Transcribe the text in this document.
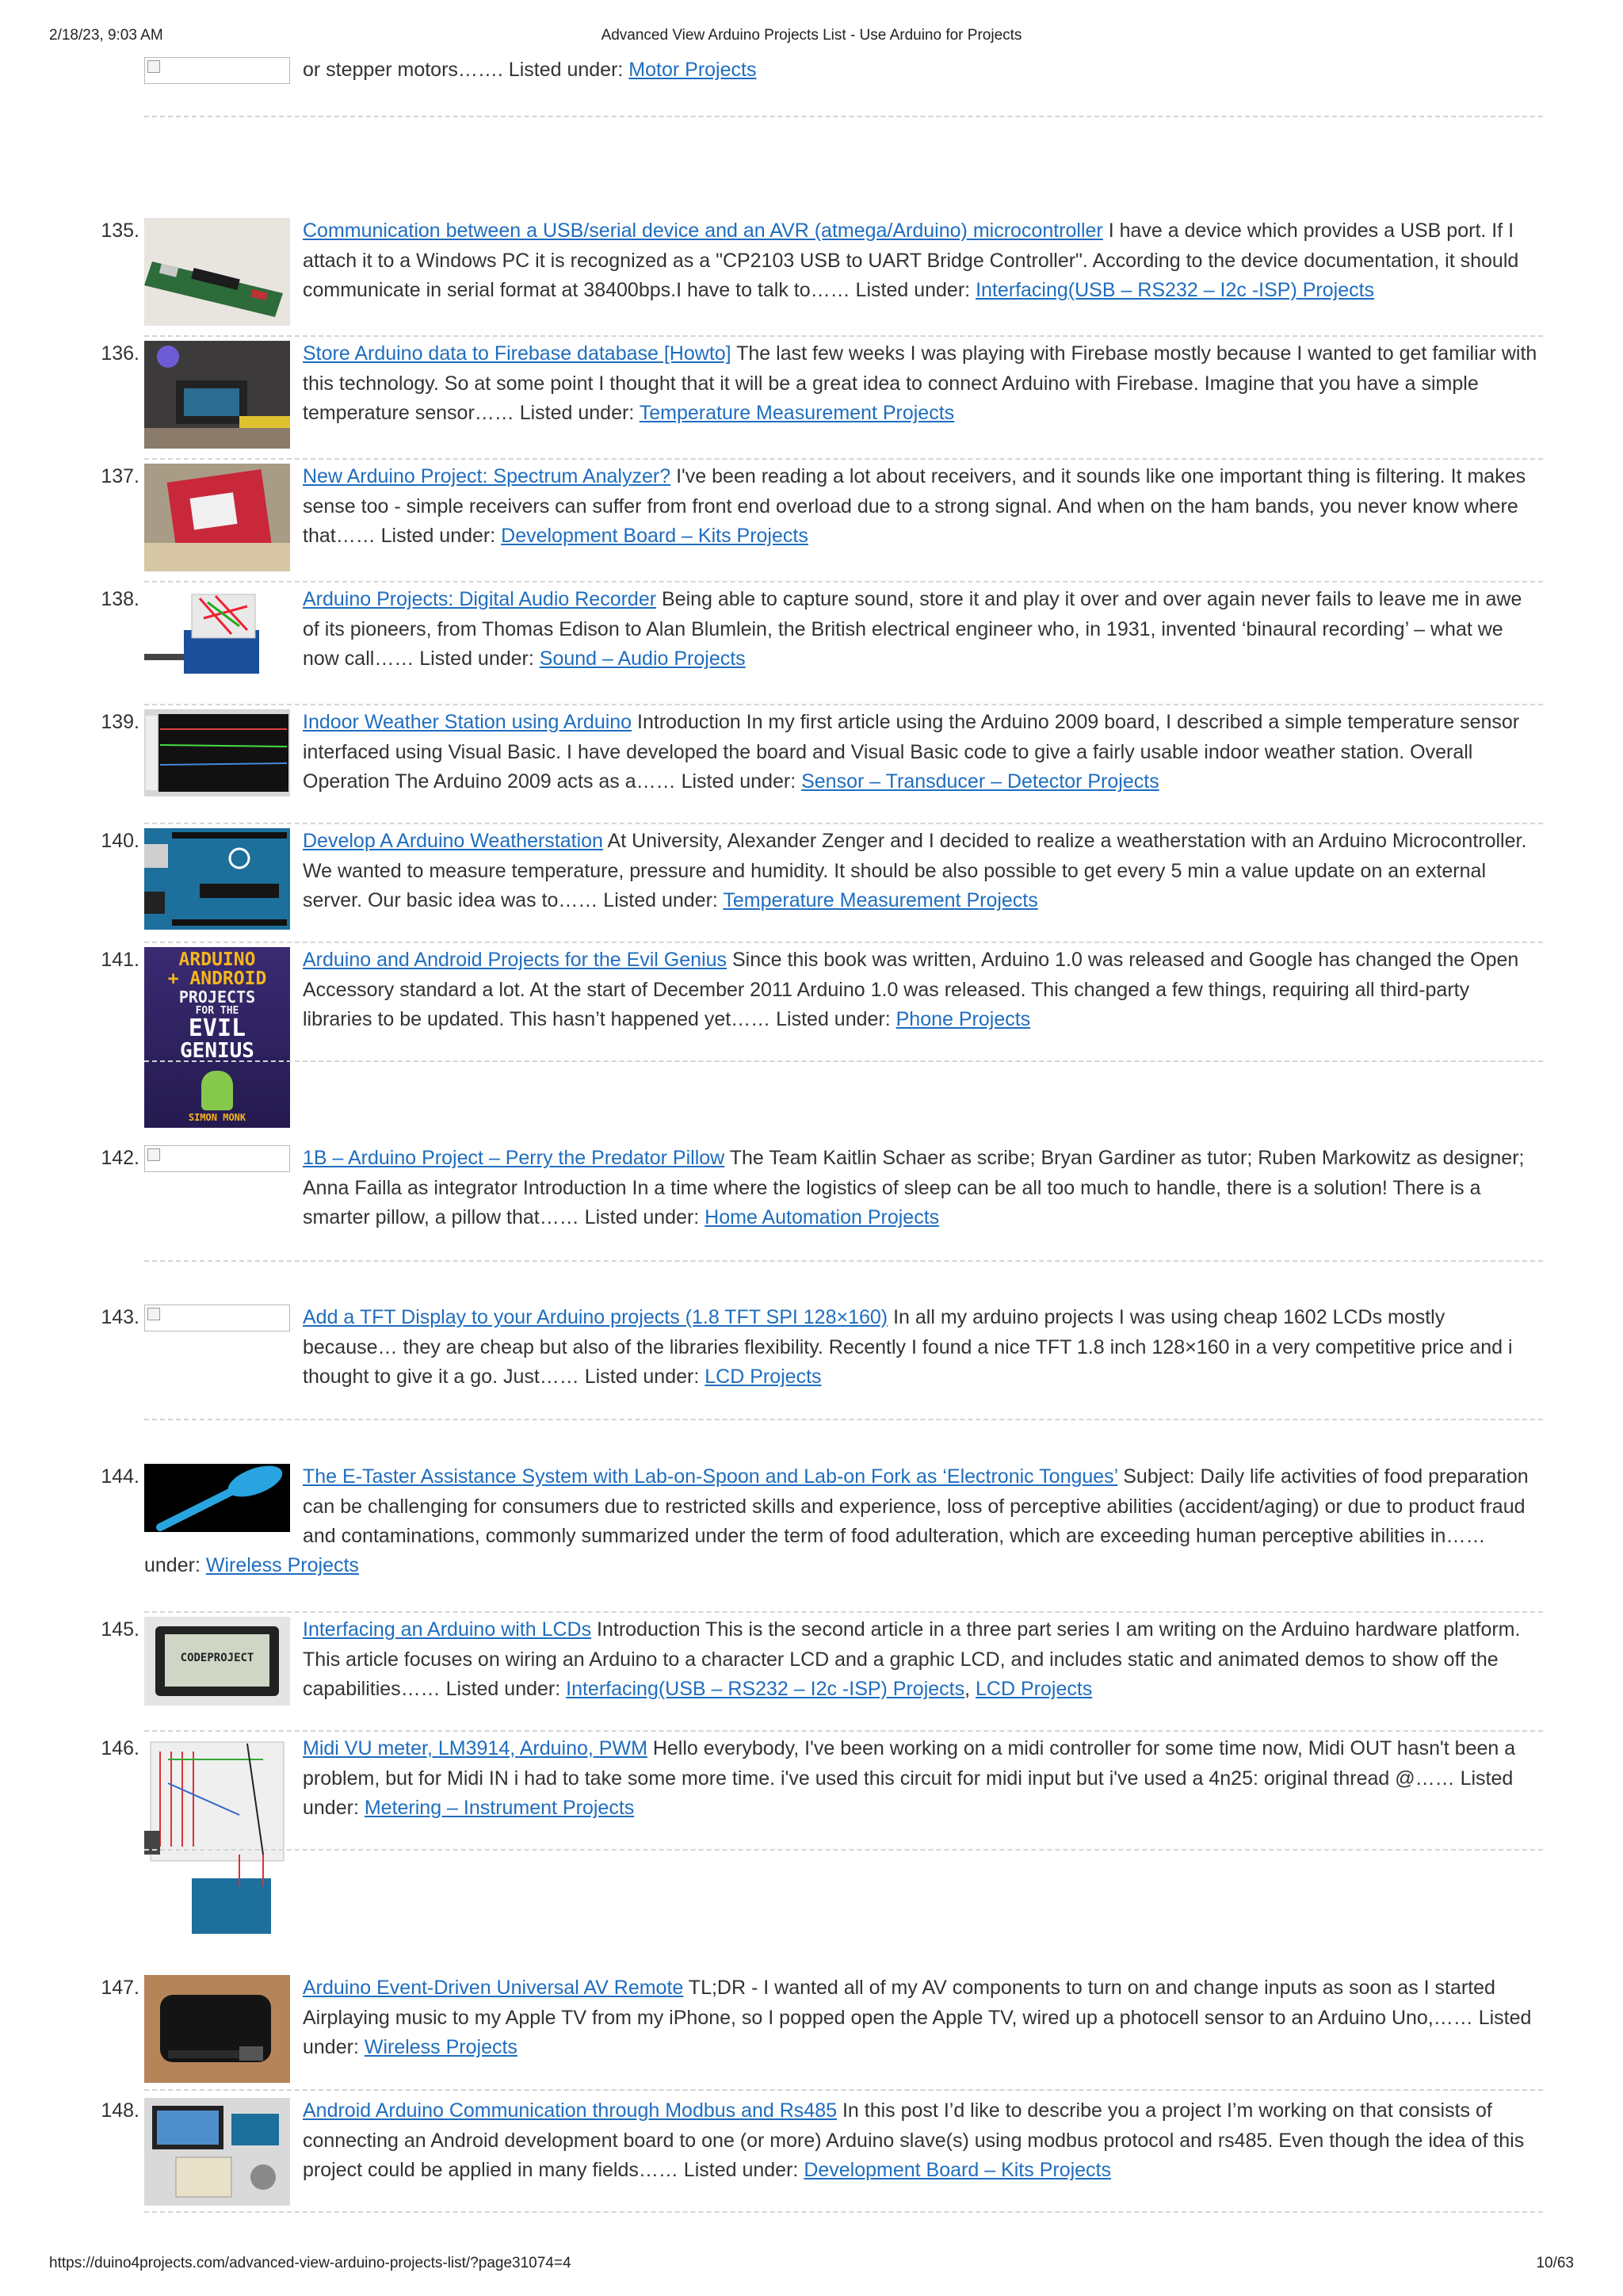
2/18/23, 9:03 AM	Advanced View Arduino Projects List - Use Arduino for Projects
or stepper motors……. Listed under: Motor Projects
135.	Communication between a USB/serial device and an AVR (atmega/Arduino) microcontroller I have a device which provides a USB port. If I attach it to a Windows PC it is recognized as a "CP2103 USB to UART Bridge Controller". According to the device documentation, it should communicate in serial format at 38400bps.I have to talk to…… Listed under: Interfacing(USB – RS232 – I2c -ISP) Projects
136.	Store Arduino data to Firebase database [Howto] The last few weeks I was playing with Firebase mostly because I wanted to get familiar with this technology. So at some point I thought that it will be a great idea to connect Arduino with Firebase. Imagine that you have a simple temperature sensor…… Listed under: Temperature Measurement Projects
137.	New Arduino Project: Spectrum Analyzer? I've been reading a lot about receivers, and it sounds like one important thing is filtering. It makes sense too - simple receivers can suffer from front end overload due to a strong signal. And when on the ham bands, you never know where that…… Listed under: Development Board – Kits Projects
138.	Arduino Projects: Digital Audio Recorder Being able to capture sound, store it and play it over and over again never fails to leave me in awe of its pioneers, from Thomas Edison to Alan Blumlein, the British electrical engineer who, in 1931, invented ‘binaural recording’ – what we now call…… Listed under: Sound – Audio Projects
139.	Indoor Weather Station using Arduino Introduction In my first article using the Arduino 2009 board, I described a simple temperature sensor interfaced using Visual Basic. I have developed the board and Visual Basic code to give a fairly usable indoor weather station. Overall Operation The Arduino 2009 acts as a…… Listed under: Sensor – Transducer – Detector Projects
140.	Develop A Arduino Weatherstation At University, Alexander Zenger and I decided to realize a weatherstation with an Arduino Microcontroller. We wanted to measure temperature, pressure and humidity. It should be also possible to get every 5 min a value update on an external server. Our basic idea was to…… Listed under: Temperature Measurement Projects
141.	ARDUINO
+ ANDROID
PROJECTS
FOR THE
EVIL
GENIUS
SIMON MONK
Arduino and Android Projects for the Evil Genius Since this book was written, Arduino 1.0 was released and Google has changed the Open Accessory standard a lot. At the start of December 2011 Arduino 1.0 was released. This changed a few things, requiring all third-party libraries to be updated. This hasn’t happened yet…… Listed under: Phone Projects
142.	1B – Arduino Project – Perry the Predator Pillow The Team Kaitlin Schaer as scribe; Bryan Gardiner as tutor; Ruben Markowitz as designer; Anna Failla as integrator Introduction In a time where the logistics of sleep can be all too much to handle, there is a solution! There is a smarter pillow, a pillow that…… Listed under: Home Automation Projects
143.	Add a TFT Display to your Arduino projects (1.8 TFT SPI 128×160) In all my arduino projects I was using cheap 1602 LCDs mostly because… they are cheap but also of the libraries flexibility. Recently I found a nice TFT 1.8 inch 128×160 in a very competitive price and i thought to give it a go. Just…… Listed under: LCD Projects
144.	The E-Taster Assistance System with Lab-on-Spoon and Lab-on Fork as ‘Electronic Tongues’ Subject: Daily life activities of food preparation can be challenging for consumers due to restricted skills and experience, loss of perceptive abilities (accident/aging) or due to product fraud and contaminations, commonly summarized under the term of food adulteration, which are exceeding human perceptive abilities in……
under: Wireless Projects
145.
CODEPROJECT
Interfacing an Arduino with LCDs Introduction This is the second article in a three part series I am writing on the Arduino hardware platform. This article focuses on wiring an Arduino to a character LCD and a graphic LCD, and includes static and animated demos to show off the capabilities…… Listed under: Interfacing(USB – RS232 – I2c -ISP) Projects, LCD Projects
146.	Midi VU meter, LM3914, Arduino, PWM Hello everybody, I've been working on a midi controller for some time now, Midi OUT hasn't been a problem, but for Midi IN i had to take some more time. i've used this circuit for midi input but i've used a 4n25: original thread @…… Listed under: Metering – Instrument Projects
147.	Arduino Event-Driven Universal AV Remote TL;DR - I wanted all of my AV components to turn on and change inputs as soon as I started Airplaying music to my Apple TV from my iPhone, so I popped open the Apple TV, wired up a photocell sensor to an Arduino Uno,…… Listed under: Wireless Projects
148.	Android Arduino Communication through Modbus and Rs485 In this post I’d like to describe you a project I’m working on that consists of connecting an Android development board to one (or more) Arduino slave(s) using modbus protocol and rs485. Even though the idea of this project could be applied in many fields…… Listed under: Development Board – Kits Projects
https://duino4projects.com/advanced-view-arduino-projects-list/?page31074=4	10/63
